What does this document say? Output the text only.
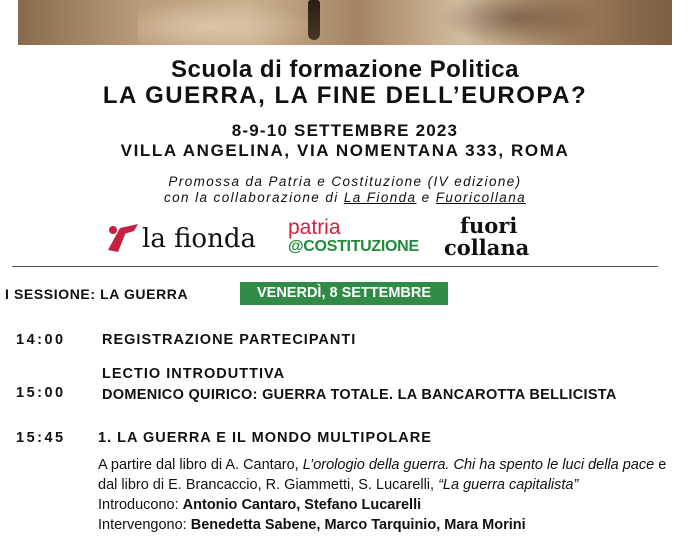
Scuola di formazione Politica
LA GUERRA, LA FINE DELL’EUROPA?
8-9-10 SETTEMBRE 2023
VILLA ANGELINA, VIA NOMENTANA 333, ROMA
Promossa da Patria e Costituzione (IV edizione)
con la collaborazione di La Fionda e Fuoricollana
la fionda patria
@COSTITUZIONE
fuori
collana
I SESSIONE: LA GUERRA	VENERDÌ, 8 SETTEMBRE
14:00	REGISTRAZIONE PARTECIPANTI
LECTIO INTRODUTTIVA
15:00	DOMENICO QUIRICO: GUERRA TOTALE. LA BANCAROTTA BELLICISTA
15:45 1. LA GUERRA E IL MONDO MULTIPOLARE

A partire dal libro di A. Cantaro, L’orologio della guerra. Chi ha spento le luci della pace e dal libro di E. Brancaccio, R. Giammetti, S. Lucarelli, “La guerra capitalista”

Introducono: Antonio Cantaro, Stefano Lucarelli

Intervengono: Benedetta Sabene, Marco Tarquinio, Mara Morini
